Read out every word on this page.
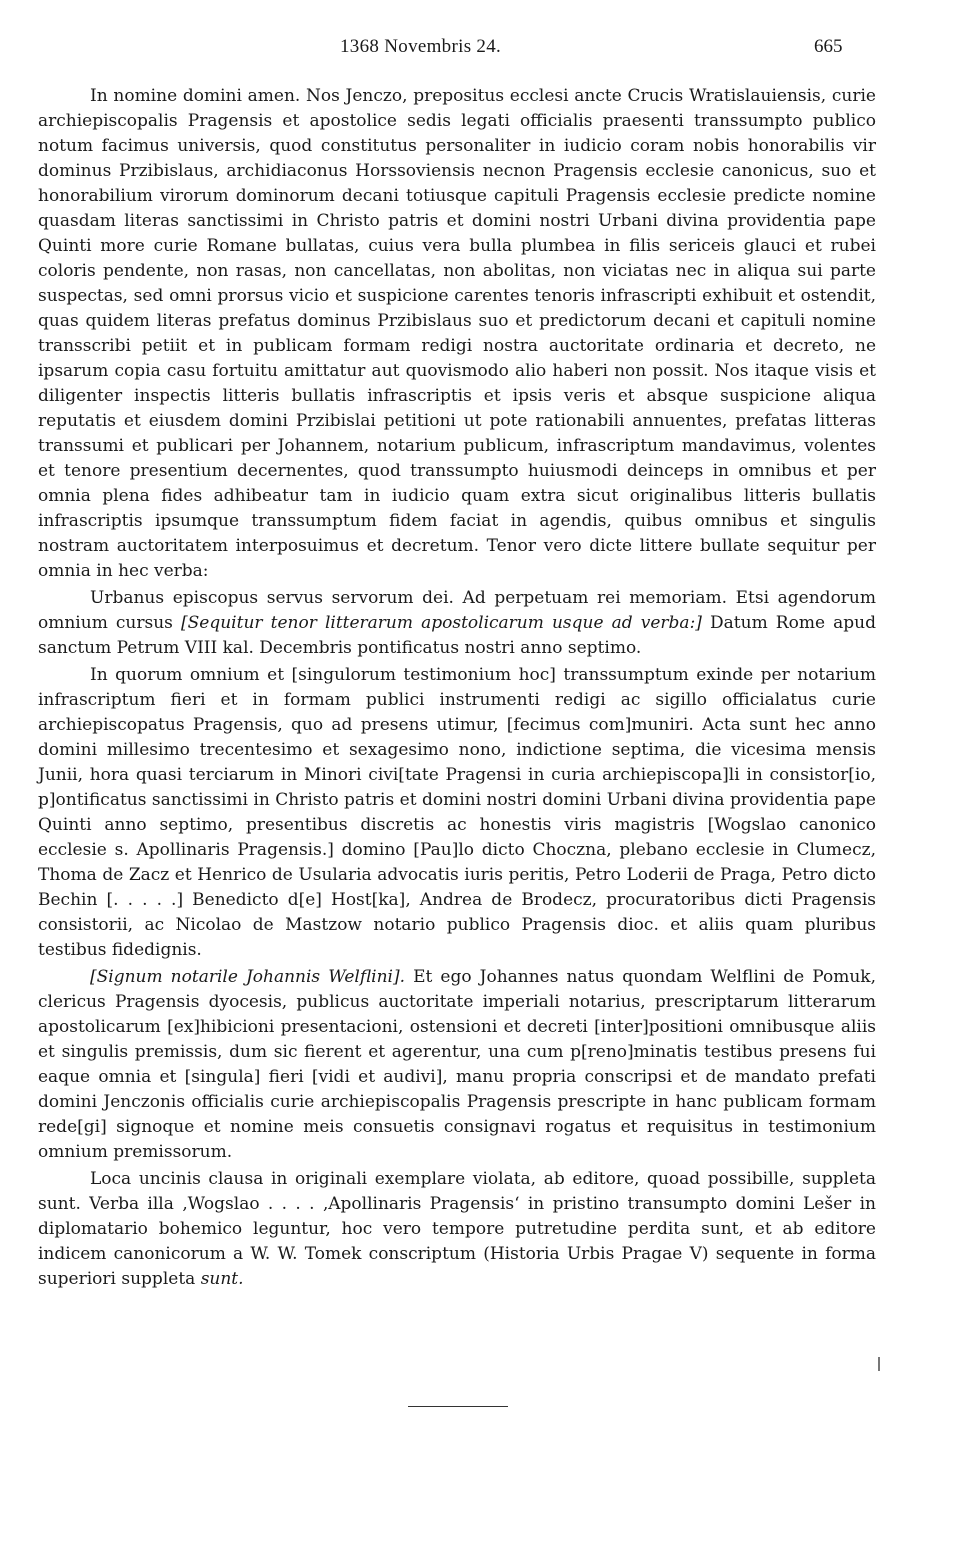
1368 Novembris 24.	665

In nomine domini amen. Nos Jenczo, prepositus ecclesi ancte Crucis Wratislauiensis, curie archiepiscopalis Pragensis et apostolice sedis legati officialis praesenti transsumpto publico notum facimus universis, quod constitutus personaliter in iudicio coram nobis honorabilis vir dominus Przibislaus, archidiaconus Horssoviensis necnon Pragensis ecclesie canonicus, suo et honorabilium virorum dominorum decani totiusque capituli Pragensis ecclesie predicte nomine quasdam literas sanctissimi in Christo patris et domini nostri Urbani divina providentia pape Quinti more curie Romane bullatas, cuius vera bulla plumbea in filis sericeis glauci et rubei coloris pendente, non rasas, non cancellatas, non abolitas, non viciatas nec in aliqua sui parte suspectas, sed omni prorsus vicio et suspicione carentes tenoris infrascripti exhibuit et ostendit, quas quidem literas prefatus dominus Przibislaus suo et predictorum decani et capituli nomine transscribi petiit et in publicam formam redigi nostra auctoritate ordinaria et decreto, ne ipsarum copia casu fortuitu amittatur aut quovismodo alio haberi non possit. Nos itaque visis et diligenter inspectis litteris bullatis infrascriptis et ipsis veris et absque suspicione aliqua reputatis et eiusdem domini Przibislai petitioni ut pote rationabili annuentes, prefatas litteras transsumi et publicari per Johannem, notarium publicum, infrascriptum mandavimus, volentes et tenore presentium decernentes, quod transsumpto huiusmodi deinceps in omnibus et per omnia plena fides adhibeatur tam in iudicio quam extra sicut originalibus litteris bullatis infrascriptis ipsumque transsumptum fidem faciat in agendis, quibus omnibus et singulis nostram auctoritatem interposuimus et decretum. Tenor vero dicte littere bullate sequitur per omnia in hec verba:

Urbanus episcopus servus servorum dei. Ad perpetuam rei memoriam. Etsi agendorum omnium cursus [Sequitur tenor litterarum apostolicarum usque ad verba:] Datum Rome apud sanctum Petrum VIII kal. Decembris pontificatus nostri anno septimo.

In quorum omnium et [singulorum testimonium hoc] transsumptum exinde per notarium infrascriptum fieri et in formam publici instrumenti redigi ac sigillo officialatus curie archiepiscopatus Pragensis, quo ad presens utimur, [fecimus com]muniri. Acta sunt hec anno domini millesimo trecentesimo et sexagesimo nono, indictione septima, die vicesima mensis Junii, hora quasi terciarum in Minori civi[tate Pragensi in curia archiepiscopa]li in consistor[io, p]ontificatus sanctissimi in Christo patris et domini nostri domini Urbani divina providentia pape Quinti anno septimo, presentibus discretis ac honestis viris magistris [Wogslao canonico ecclesie s. Apollinaris Pragensis.] domino [Pau]lo dicto Choczna, plebano ecclesie in Clumecz, Thoma de Zacz et Henrico de Usularia advocatis iuris peritis, Petro Loderii de Praga, Petro dicto Bechin [. . . . .] Benedicto d[e] Host[ka], Andrea de Brodecz, procuratoribus dicti Pragensis consistorii, ac Nicolao de Mastzow notario publico Pragensis dioc. et aliis quam pluribus testibus fidedignis.

[Signum notarile Johannis Welflini]. Et ego Johannes natus quondam Welflini de Pomuk, clericus Pragensis dyocesis, publicus auctoritate imperiali notarius, prescriptarum litterarum apostolicarum [ex]hibicioni presentacioni, ostensioni et decreti [inter]positioni omnibusque aliis et singulis premissis, dum sic fierent et agerentur, una cum p[reno]minatis testibus presens fui eaque omnia et [singula] fieri [vidi et audivi], manu propria conscripsi et de mandato prefati domini Jenczonis officialis curie archiepiscopalis Pragensis prescripte in hanc publicam formam rede[gi] signoque et nomine meis consuetis consignavi rogatus et requisitus in testimonium omnium premissorum.

Loca uncinis clausa in originali exemplare violata, ab editore, quoad possibille, suppleta sunt. Verba illa ‚Wogslao . . . . ‚Apollinaris Pragensis‘ in pristino transumpto domini Lešer in diplomatario bohemico leguntur, hoc vero tempore putretudine perdita sunt, et ab editore indicem canonicorum a W. W. Tomek conscriptum (Historia Urbis Pragae V) sequente in forma superiori suppleta sunt.
